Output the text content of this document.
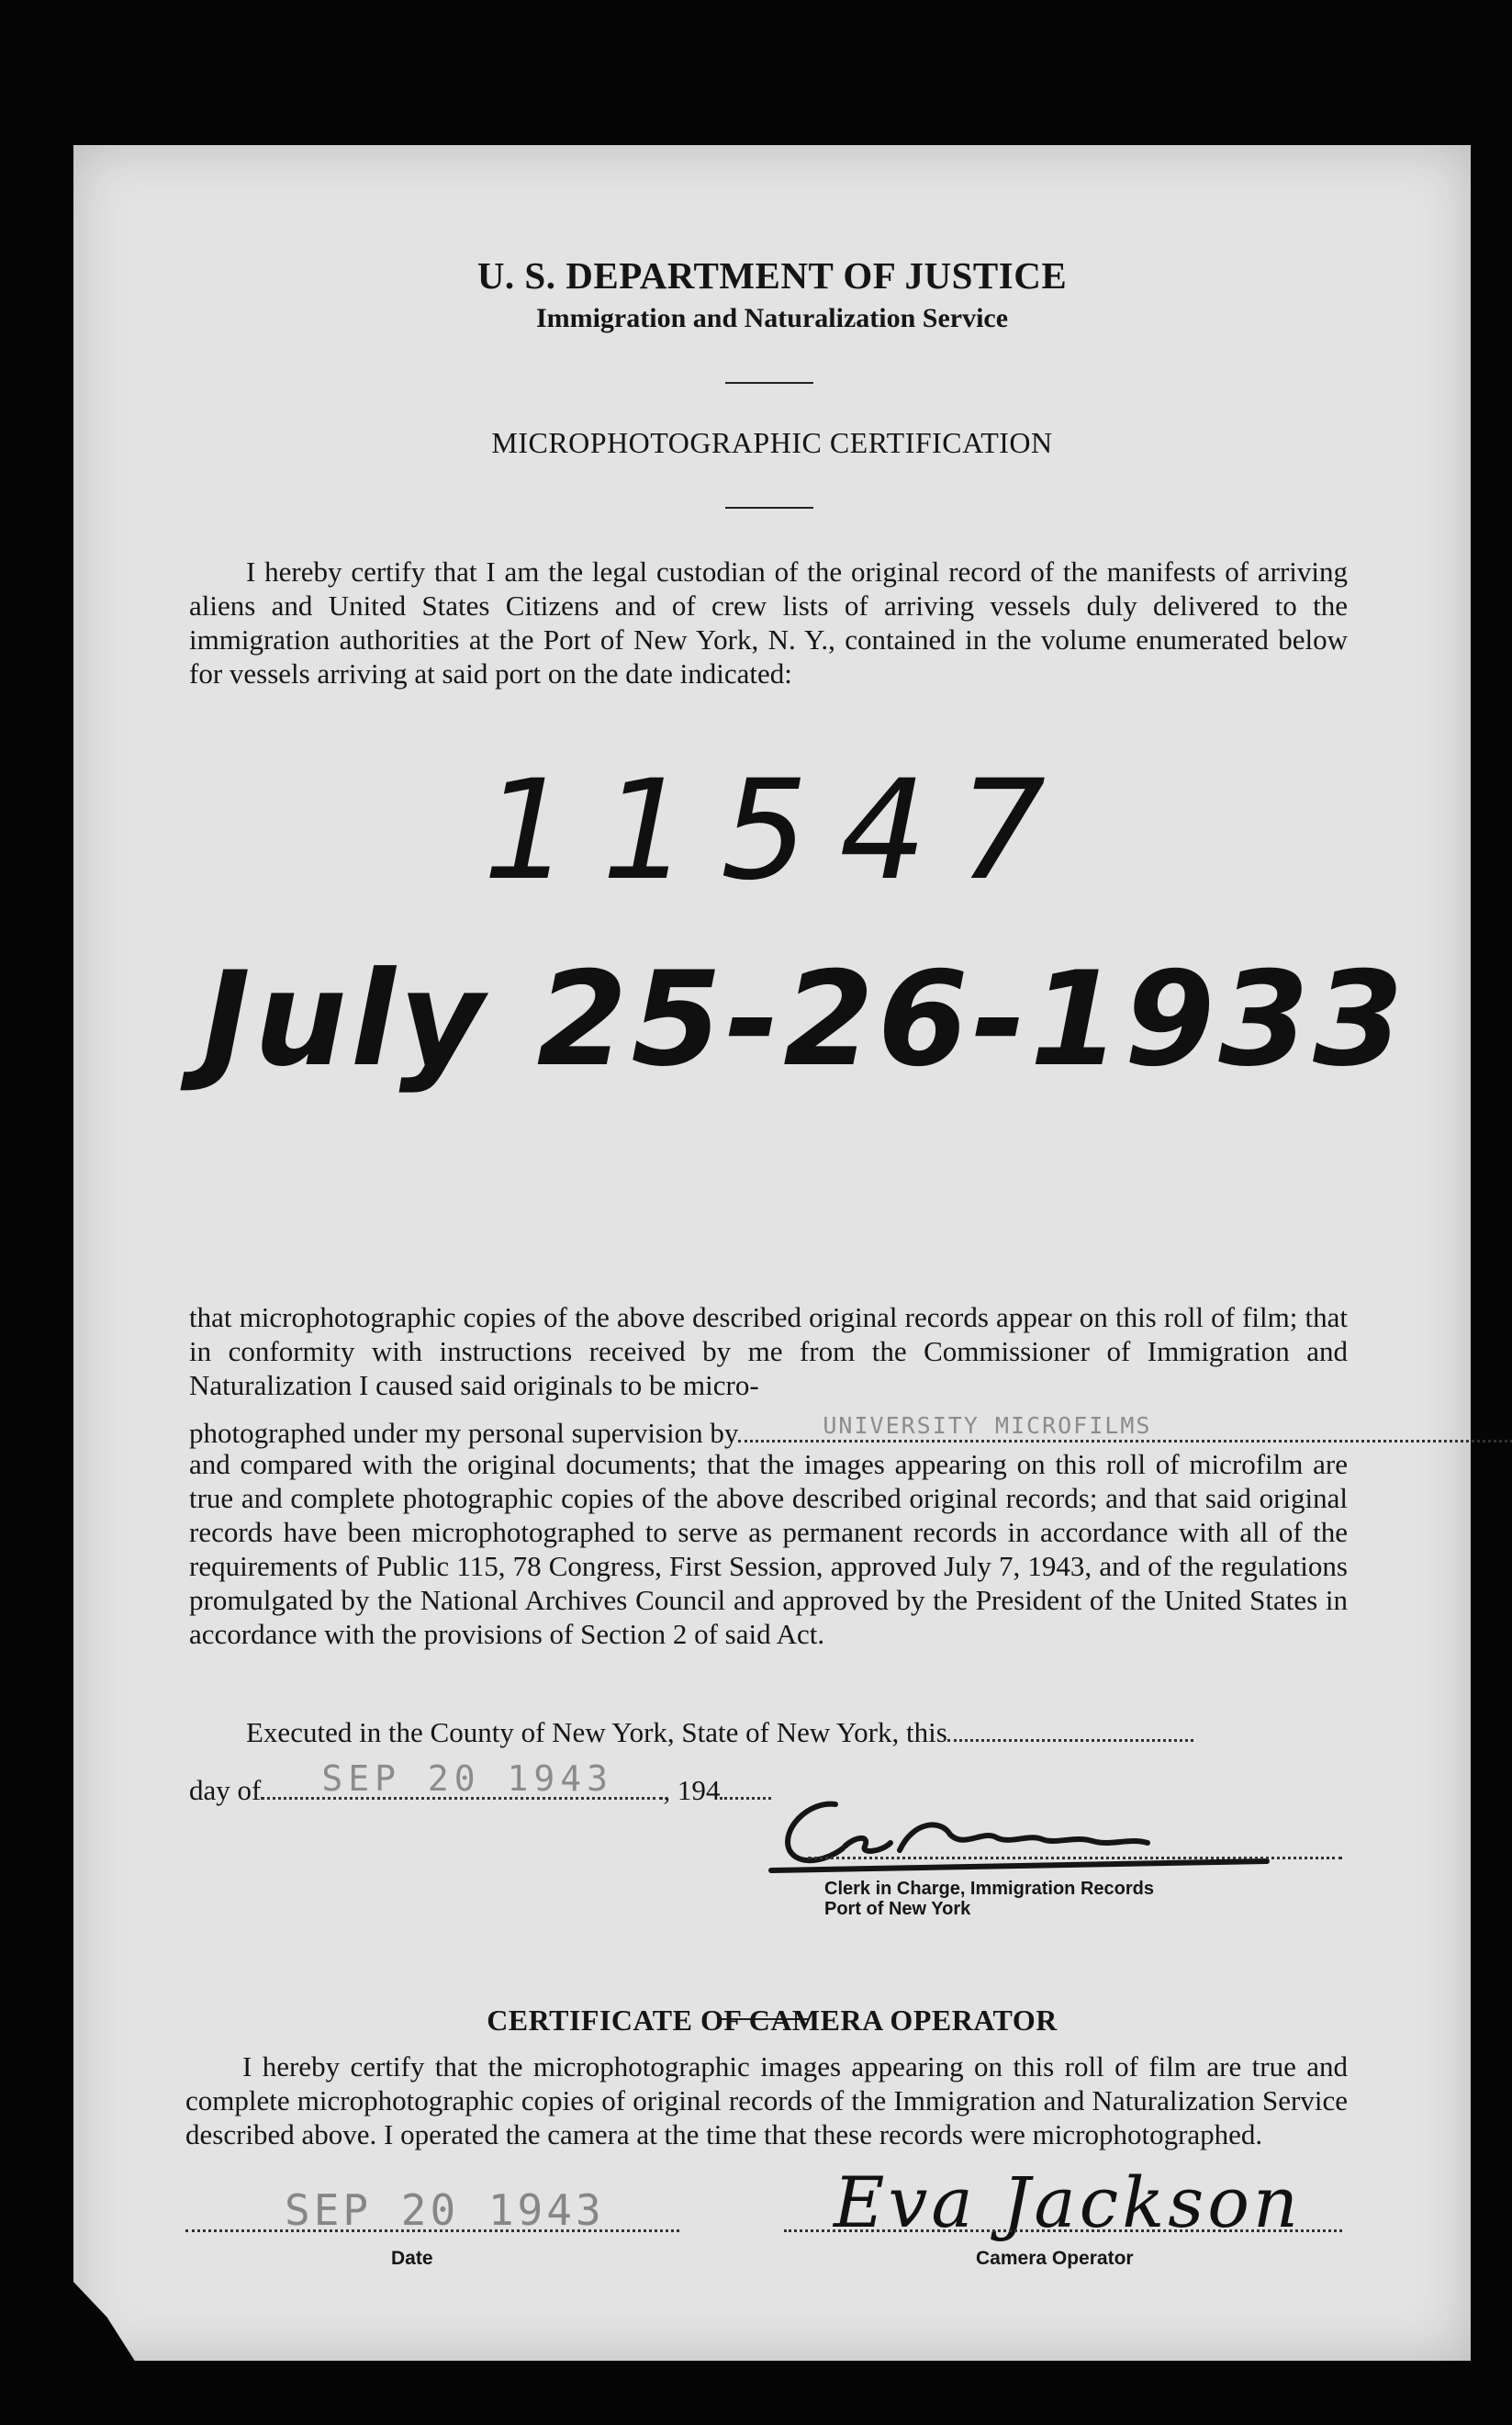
U. S. DEPARTMENT OF JUSTICE
Immigration and Naturalization Service
MICROPHOTOGRAPHIC CERTIFICATION
I hereby certify that I am the legal custodian of the original record of the manifests of arriving aliens and United States Citizens and of crew lists of arriving vessels duly delivered to the immigration authorities at the Port of New York, N. Y., contained in the volume enumerated below for vessels arriving at said port on the date indicated:
11547
July 25-26-1933
that microphotographic copies of the above described original records appear on this roll of film; that in conformity with instructions received by me from the Commissioner of Immigration and Naturalization I caused said originals to be micro-
photographed under my personal supervision by	UNIVERSITY MICROFILMS
and compared with the original documents; that the images appearing on this roll of microfilm are true and complete photographic copies of the above described original records; and that said original records have been microphotographed to serve as permanent records in accordance with all of the requirements of Public 115, 78 Congress, First Session, approved July 7, 1943, and of the regulations promulgated by the National Archives Council and approved by the President of the United States in accordance with the provisions of Section 2 of said Act.
Executed in the County of New York, State of New York, this
day of SEP 20 1943 , 194
Clerk in Charge, Immigration Records
Port of New York
CERTIFICATE OF CAMERA OPERATOR
I hereby certify that the microphotographic images appearing on this roll of film are true and complete microphotographic copies of original records of the Immigration and Naturalization Service described above. I operated the camera at the time that these records were microphotographed.
SEP 20 1943
Date
Eva Jackson
Camera Operator
